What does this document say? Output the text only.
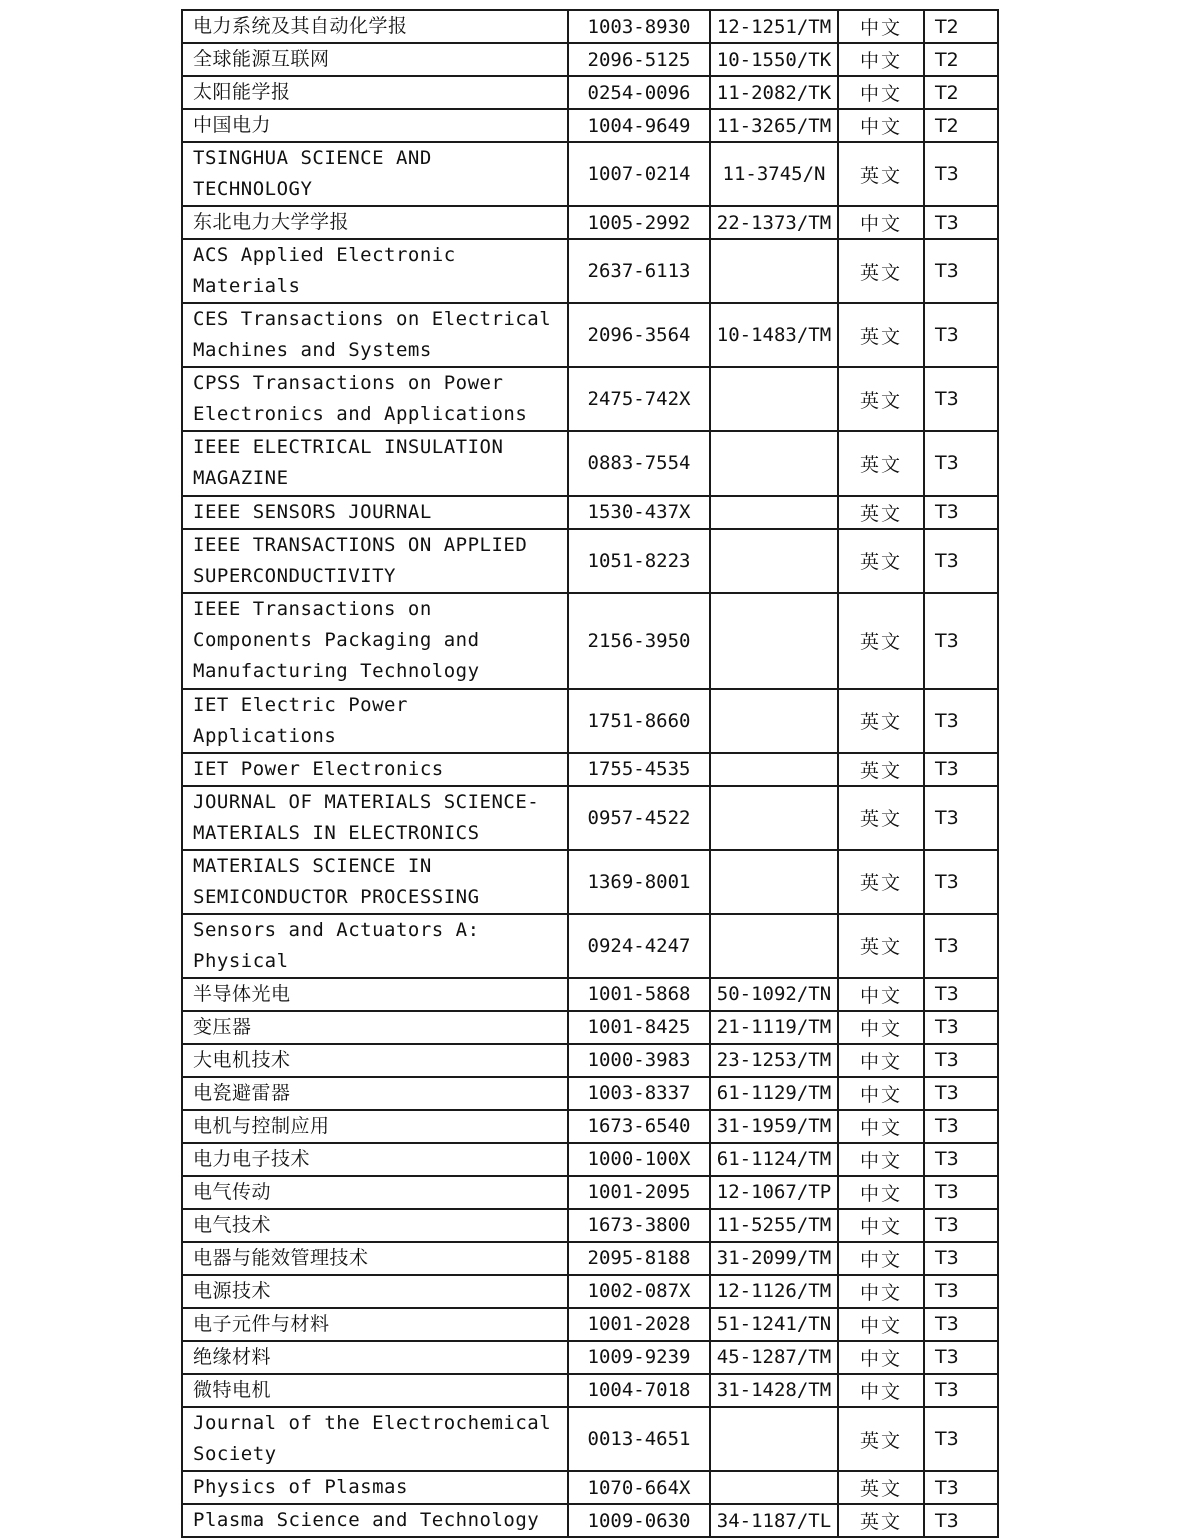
电力系统及其自动化学报	1003-8930	12-1251/TM	中文	T2
全球能源互联网	2096-5125	10-1550/TK	中文	T2
太阳能学报	0254-0096	11-2082/TK	中文	T2
中国电力	1004-9649	11-3265/TM	中文	T2
TSINGHUA SCIENCE AND TECHNOLOGY	1007-0214	11-3745/N	英文	T3
东北电力大学学报	1005-2992	22-1373/TM	中文	T3
ACS Applied Electronic Materials	2637-6113		英文	T3
CES Transactions on Electrical Machines and Systems	2096-3564	10-1483/TM	英文	T3
CPSS Transactions on Power Electronics and Applications	2475-742X		英文	T3
IEEE ELECTRICAL INSULATION MAGAZINE	0883-7554		英文	T3
IEEE SENSORS JOURNAL	1530-437X		英文	T3
IEEE TRANSACTIONS ON APPLIED SUPERCONDUCTIVITY	1051-8223		英文	T3
IEEE Transactions on Components Packaging and Manufacturing Technology	2156-3950		英文	T3
IET Electric Power Applications	1751-8660		英文	T3
IET Power Electronics	1755-4535		英文	T3
JOURNAL OF MATERIALS SCIENCE-MATERIALS IN ELECTRONICS	0957-4522		英文	T3
MATERIALS SCIENCE IN SEMICONDUCTOR PROCESSING	1369-8001		英文	T3
Sensors and Actuators A: Physical	0924-4247		英文	T3
半导体光电	1001-5868	50-1092/TN	中文	T3
变压器	1001-8425	21-1119/TM	中文	T3
大电机技术	1000-3983	23-1253/TM	中文	T3
电瓷避雷器	1003-8337	61-1129/TM	中文	T3
电机与控制应用	1673-6540	31-1959/TM	中文	T3
电力电子技术	1000-100X	61-1124/TM	中文	T3
电气传动	1001-2095	12-1067/TP	中文	T3
电气技术	1673-3800	11-5255/TM	中文	T3
电器与能效管理技术	2095-8188	31-2099/TM	中文	T3
电源技术	1002-087X	12-1126/TM	中文	T3
电子元件与材料	1001-2028	51-1241/TN	中文	T3
绝缘材料	1009-9239	45-1287/TM	中文	T3
微特电机	1004-7018	31-1428/TM	中文	T3
Journal of the Electrochemical Society	0013-4651		英文	T3
Physics of Plasmas	1070-664X		英文	T3
Plasma Science and Technology	1009-0630	34-1187/TL	英文	T3
